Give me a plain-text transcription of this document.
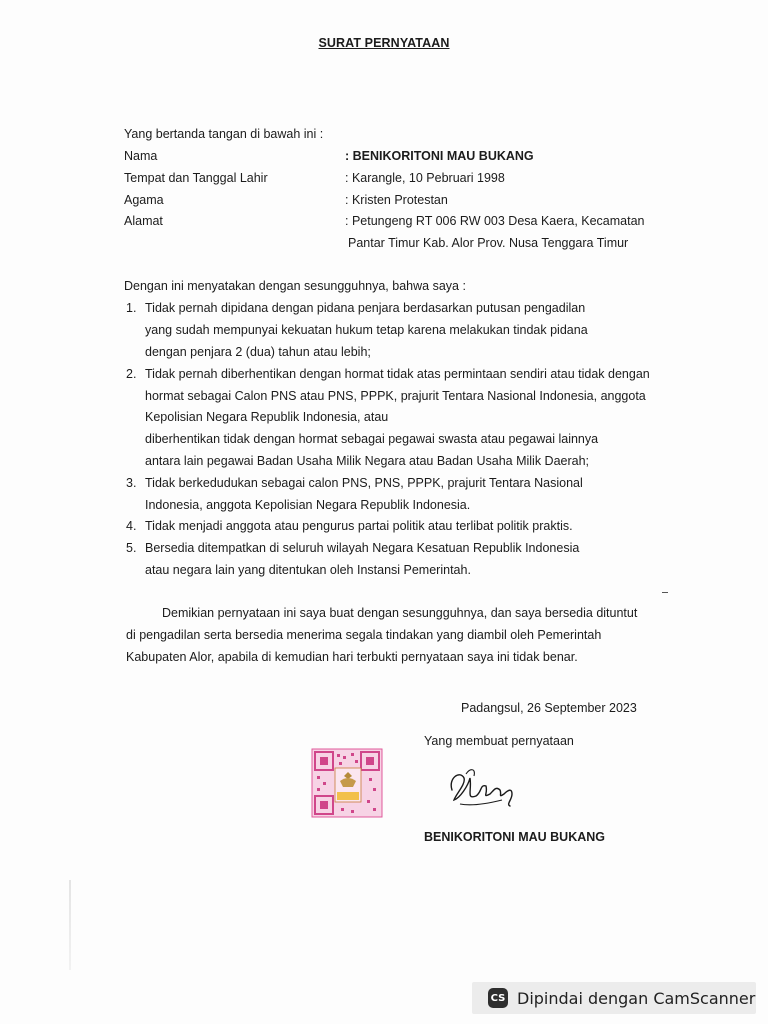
SURAT PERNYATAAN
Yang bertanda tangan di bawah ini :
Nama	: BENIKORITONI MAU BUKANG
Tempat dan Tanggal Lahir	: Karangle, 10 Pebruari 1998
Agama	: Kristen Protestan
Alamat	: Petungeng RT 006 RW 003 Desa Kaera, Kecamatan
Pantar Timur Kab. Alor Prov. Nusa Tenggara Timur
Dengan ini menyatakan dengan sesungguhnya, bahwa saya :
1. Tidak pernah dipidana dengan pidana penjara berdasarkan putusan pengadilan
yang sudah mempunyai kekuatan hukum tetap karena melakukan tindak pidana
dengan penjara 2 (dua) tahun atau lebih;
2. Tidak pernah diberhentikan dengan hormat tidak atas permintaan sendiri atau tidak dengan
hormat sebagai Calon PNS atau PNS, PPPK, prajurit Tentara Nasional Indonesia, anggota
Kepolisian Negara Republik Indonesia, atau
diberhentikan tidak dengan hormat sebagai pegawai swasta atau pegawai lainnya
antara lain pegawai Badan Usaha Milik Negara atau Badan Usaha Milik Daerah;
3. Tidak berkedudukan sebagai calon PNS, PNS, PPPK, prajurit Tentara Nasional
Indonesia, anggota Kepolisian Negara Republik Indonesia.
4. Tidak menjadi anggota atau pengurus partai politik atau terlibat politik praktis.
5. Bersedia ditempatkan di seluruh wilayah Negara Kesatuan Republik Indonesia
atau negara lain yang ditentukan oleh Instansi Pemerintah.
Demikian pernyataan ini saya buat dengan sesungguhnya, dan saya bersedia dituntut
di pengadilan serta bersedia menerima segala tindakan yang diambil oleh Pemerintah
Kabupaten Alor, apabila di kemudian hari terbukti pernyataan saya ini tidak benar.
Padangsul, 26 September 2023
Yang membuat pernyataan
BENIKORITONI MAU BUKANG
CS Dipindai dengan CamScanner
